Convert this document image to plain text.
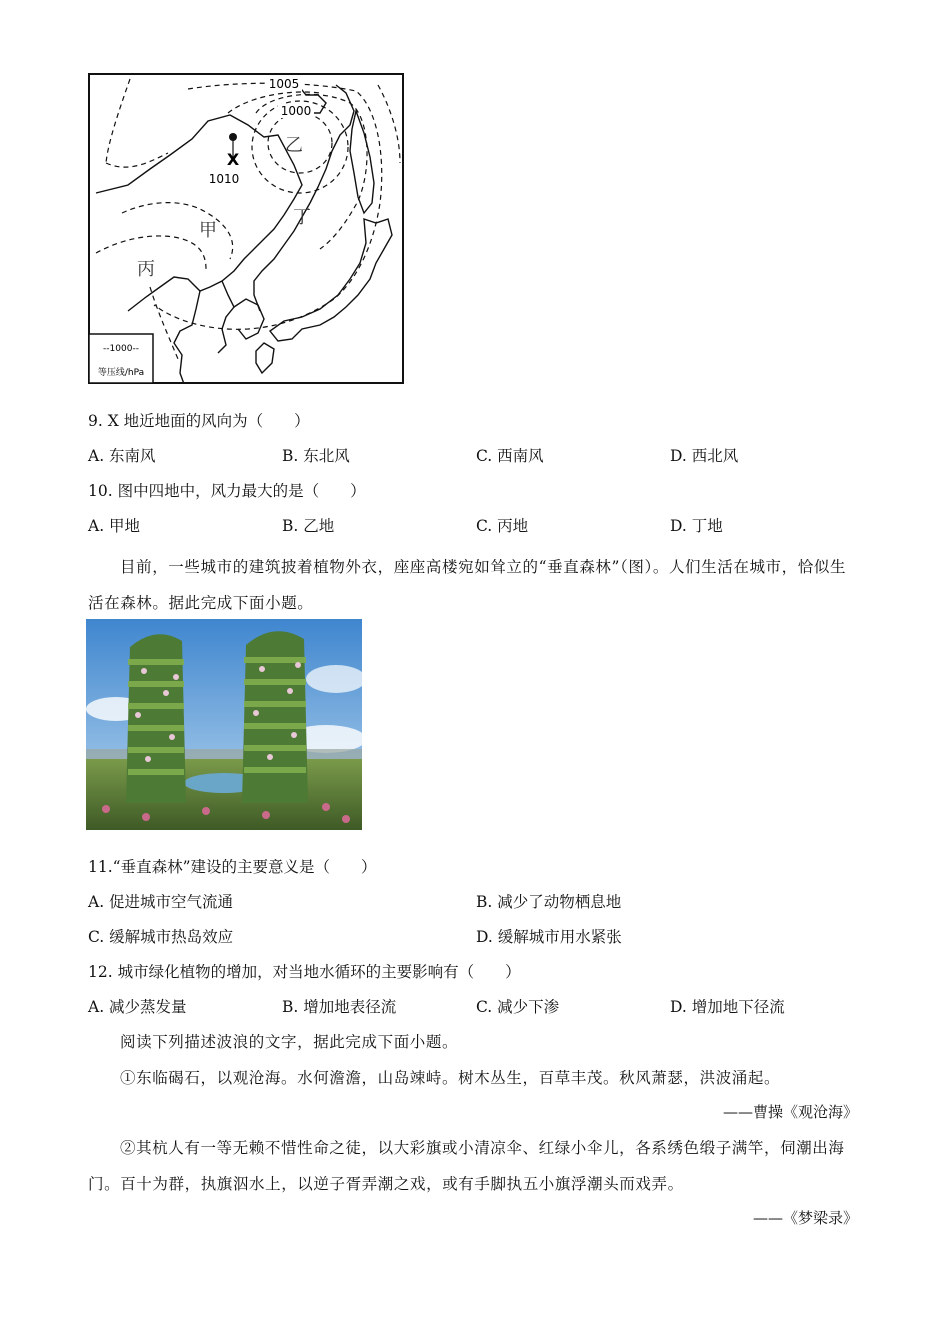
1005
1000
1010
X
乙
丁
甲
丙
--1000--
等压线/hPa
9. X 地近地面的风向为（　　）
A. 东南风	B. 东北风	C. 西南风	D. 西北风
10. 图中四地中，风力最大的是（　　）
A. 甲地	B. 乙地	C. 丙地	D. 丁地
目前，一些城市的建筑披着植物外衣，座座高楼宛如耸立的“垂直森林”（图）。人们生活在城市，恰似生活在森林。据此完成下面小题。
11.“垂直森林”建设的主要意义是（　　）
A. 促进城市空气流通	B. 减少了动物栖息地
C. 缓解城市热岛效应	D. 缓解城市用水紧张
12. 城市绿化植物的增加，对当地水循环的主要影响有（　　）
A. 减少蒸发量	B. 增加地表径流	C. 减少下渗	D. 增加地下径流
阅读下列描述波浪的文字，据此完成下面小题。
①东临碣石，以观沧海。水何澹澹，山岛竦峙。树木丛生，百草丰茂。秋风萧瑟，洪波涌起。
——曹操《观沧海》
②其杭人有一等无赖不惜性命之徒，以大彩旗或小清凉伞、红绿小伞儿，各系绣色缎子满竿，伺潮出海门。百十为群，执旗泅水上，以逆子胥弄潮之戏，或有手脚执五小旗浮潮头而戏弄。
——《梦梁录》
